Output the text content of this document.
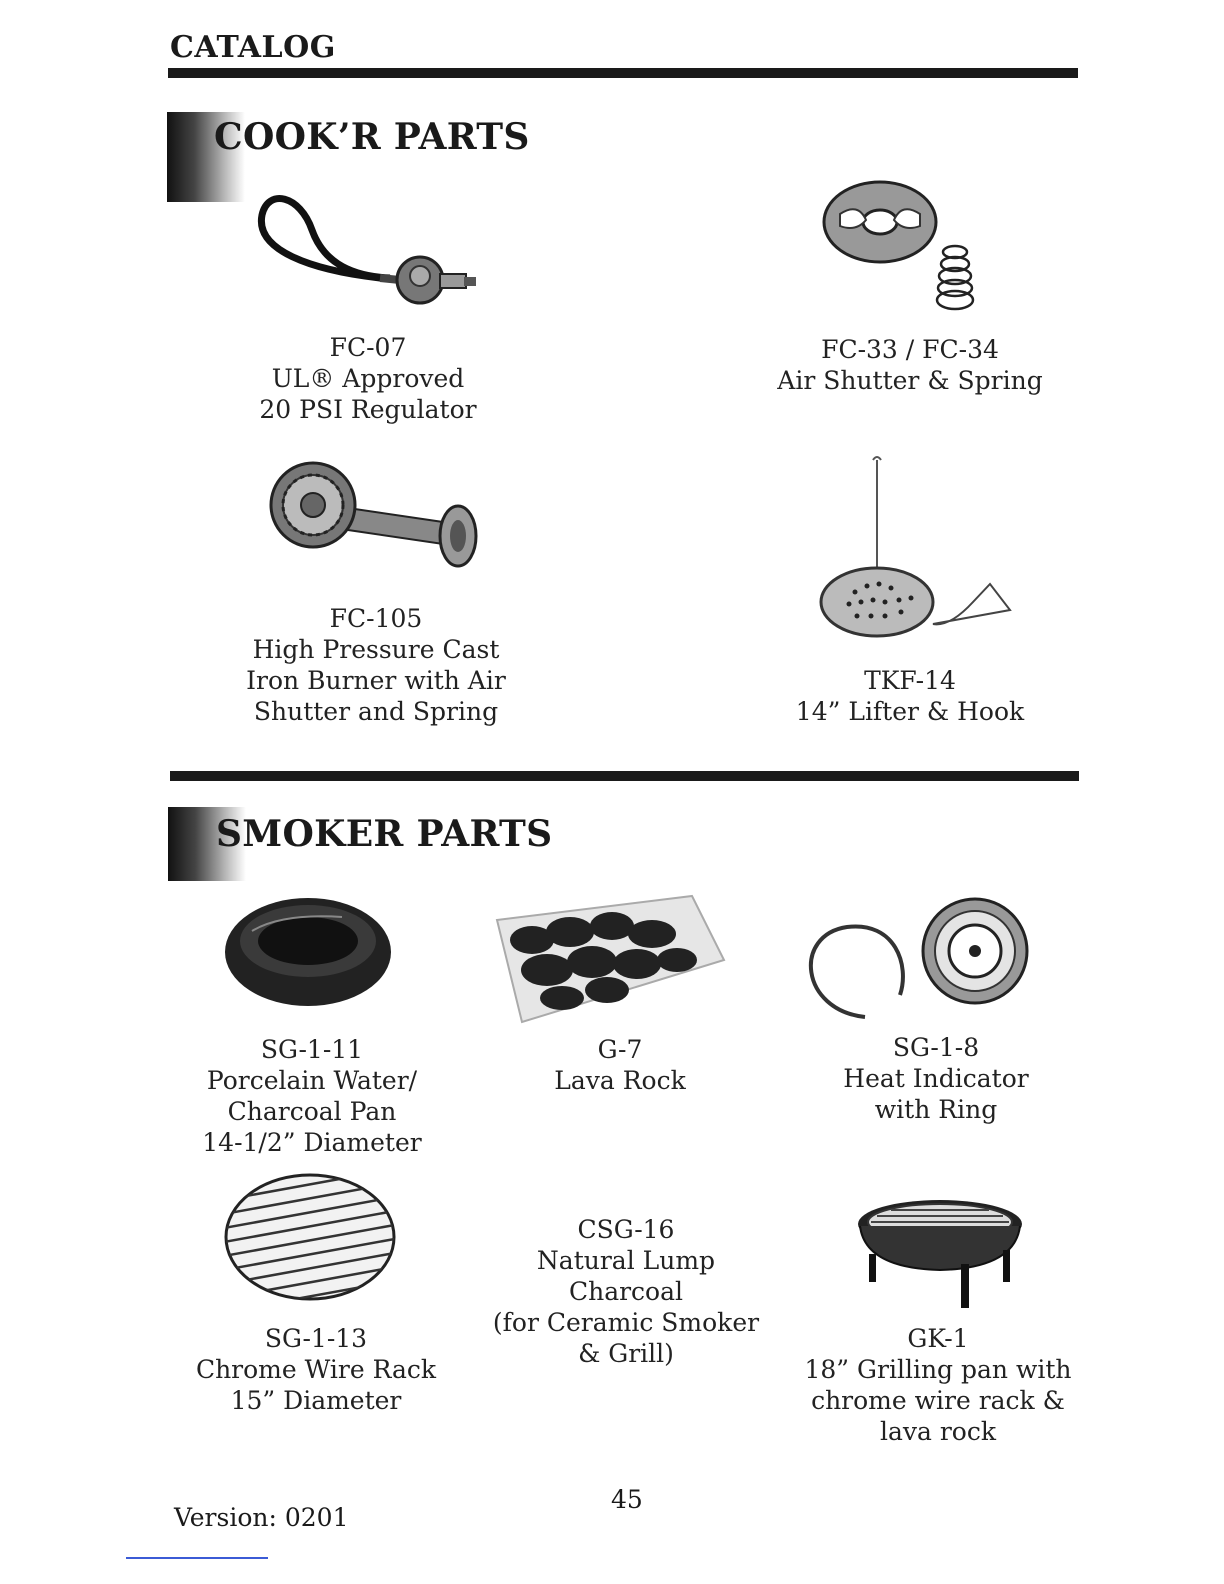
CATALOG
COOK’R PARTS
FC-07
UL® Approved
20 PSI Regulator
FC-33 / FC-34
Air Shutter & Spring
FC-105
High Pressure Cast
Iron Burner with Air
Shutter and Spring
TKF-14
14” Lifter & Hook
SMOKER PARTS
SG-1-11
Porcelain Water/
Charcoal Pan
14-1/2” Diameter
G-7
Lava Rock
SG-1-8
Heat Indicator
with Ring
SG-1-13
Chrome Wire Rack
15” Diameter
CSG-16
Natural Lump
Charcoal
(for Ceramic Smoker
& Grill)
GK-1
18” Grilling pan with
chrome wire rack &
lava rock
45
Version: 0201
